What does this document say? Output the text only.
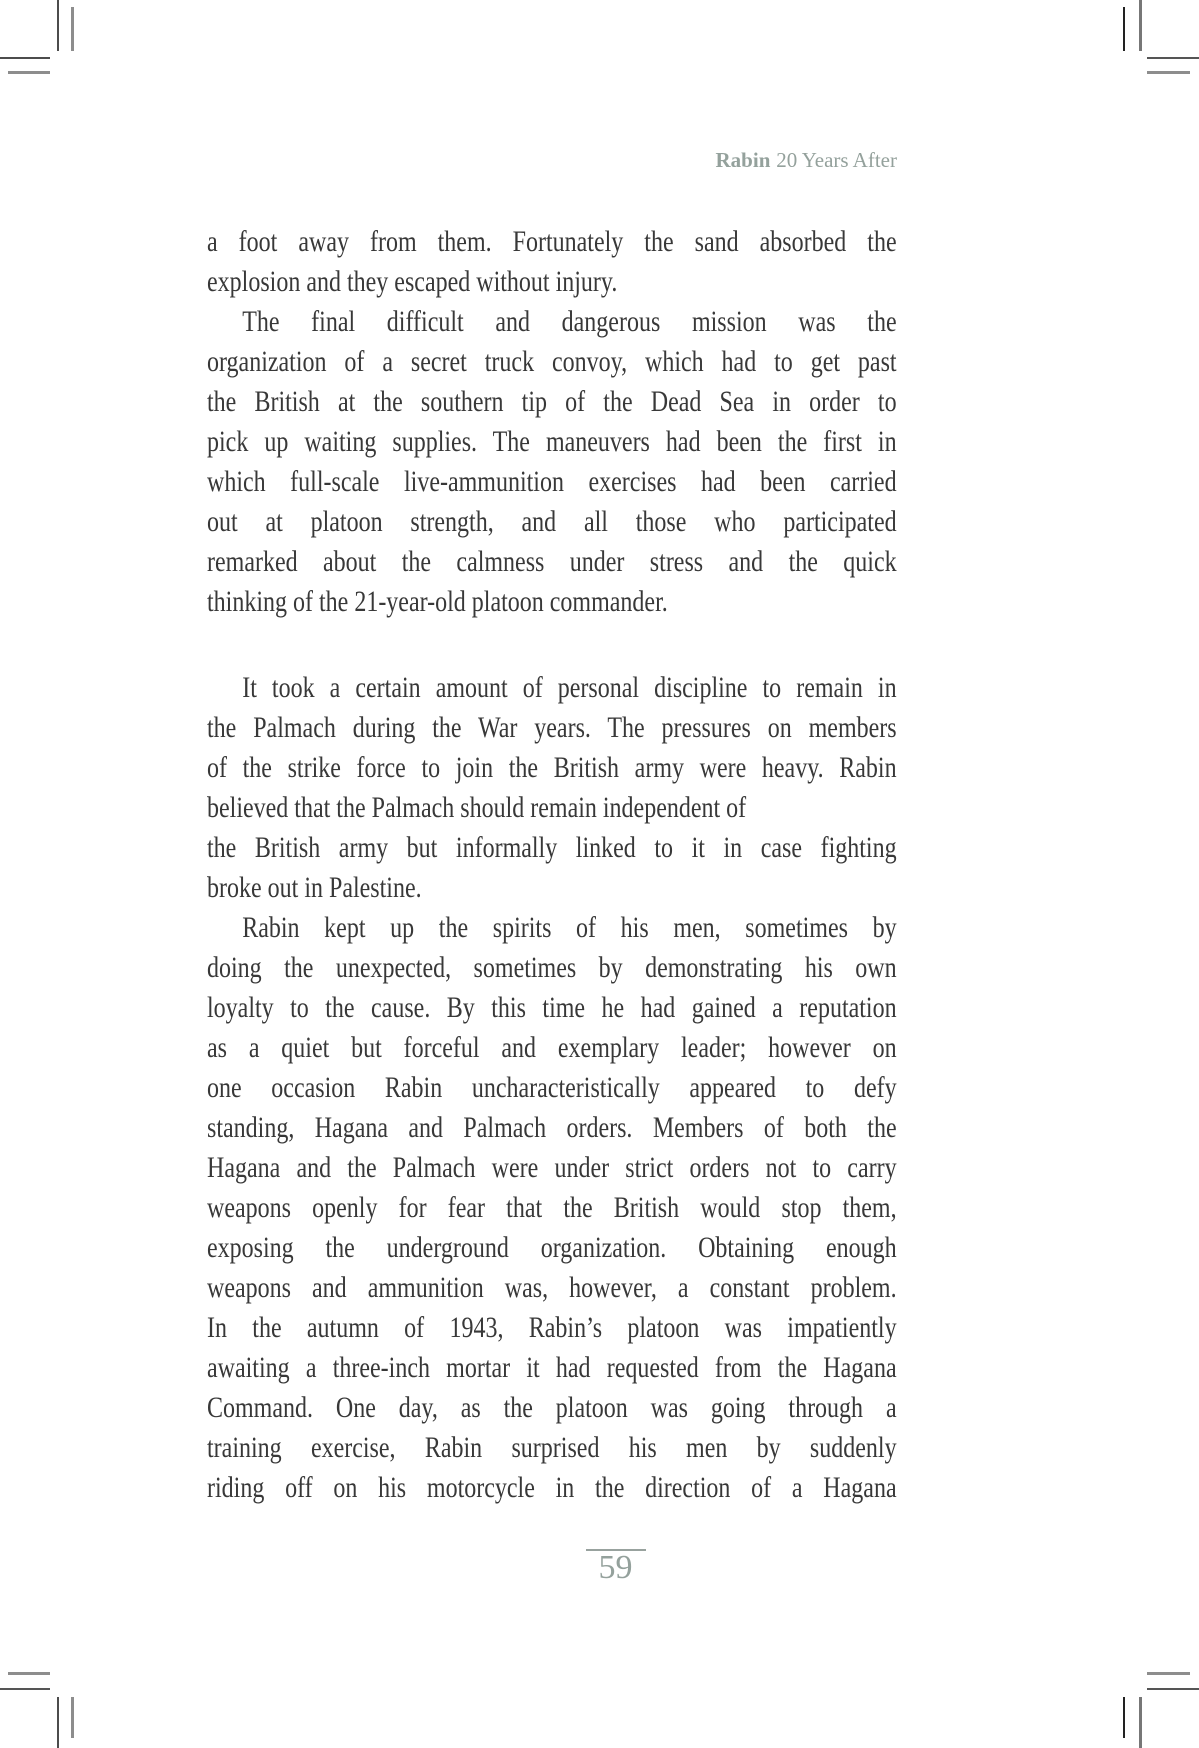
Rabin 20 Years After
a foot away from them. Fortunately the sand absorbed the
explosion and they escaped without injury.
The final difficult and dangerous mission was the
organization of a secret truck convoy, which had to get past
the British at the southern tip of the Dead Sea in order to
pick up waiting supplies. The maneuvers had been the first in
which full-scale live-ammunition exercises had been carried
out at platoon strength, and all those who participated
remarked about the calmness under stress and the quick
thinking of the 21-year-old platoon commander.
It took a certain amount of personal discipline to remain in
the Palmach during the War years. The pressures on members
of the strike force to join the British army were heavy. Rabin
believed that the Palmach should remain independent of
the British army but informally linked to it in case fighting
broke out in Palestine.
Rabin kept up the spirits of his men, sometimes by
doing the unexpected, sometimes by demonstrating his own
loyalty to the cause. By this time he had gained a reputation
as a quiet but forceful and exemplary leader; however on
one occasion Rabin uncharacteristically appeared to defy
standing, Hagana and Palmach orders. Members of both the
Hagana and the Palmach were under strict orders not to carry
weapons openly for fear that the British would stop them,
exposing the underground organization. Obtaining enough
weapons and ammunition was, however, a constant problem.
In the autumn of 1943, Rabin’s platoon was impatiently
awaiting a three-inch mortar it had requested from the Hagana
Command. One day, as the platoon was going through a
training exercise, Rabin surprised his men by suddenly
riding off on his motorcycle in the direction of a Hagana
59
